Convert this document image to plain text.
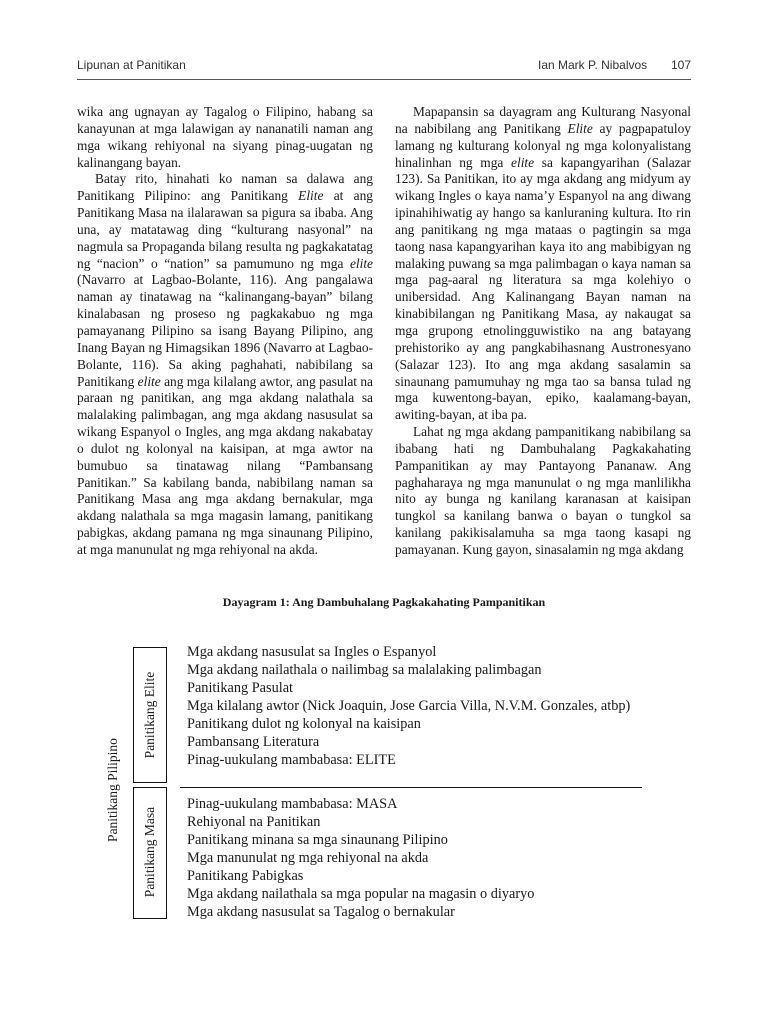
Lipunan at Panitikan	Ian Mark P. Nibalvos 107

wika ang ugnayan ay Tagalog o Filipino, habang sa kanayunan at mga lalawigan ay nananatili naman ang mga wikang rehiyonal na siyang pinag-uugatan ng kalinangang bayan.

Batay rito, hinahati ko naman sa dalawa ang Panitikang Pilipino: ang Panitikang Elite at ang Panitikang Masa na ilalarawan sa pigura sa ibaba. Ang una, ay matatawag ding “kulturang nasyonal” na nagmula sa Propaganda bilang resulta ng pagkakatatag ng “nacion” o “nation” sa pamumuno ng mga elite (Navarro at Lagbao-Bolante, 116). Ang pangalawa naman ay tinatawag na “kalinangang-bayan” bilang kinalabasan ng proseso ng pagkakabuo ng mga pamayanang Pilipino sa isang Bayang Pilipino, ang Inang Bayan ng Himagsikan 1896 (Navarro at Lagbao-Bolante, 116). Sa aking paghahati, nabibilang sa Panitikang elite ang mga kilalang awtor, ang pasulat na paraan ng panitikan, ang mga akdang nalathala sa malalaking palimbagan, ang mga akdang nasusulat sa wikang Espanyol o Ingles, ang mga akdang nakabatay o dulot ng kolonyal na kaisipan, at mga awtor na bumubuo sa tinatawag nilang “Pambansang Panitikan.” Sa kabilang banda, nabibilang naman sa Panitikang Masa ang mga akdang bernakular, mga akdang nalathala sa mga magasin lamang, panitikang pabigkas, akdang pamana ng mga sinaunang Pilipino, at mga manunulat ng mga rehiyonal na akda.

Mapapansin sa dayagram ang Kulturang Nasyonal na nabibilang ang Panitikang Elite ay pagpapatuloy lamang ng kulturang kolonyal ng mga kolonyalistang hinalinhan ng mga elite sa kapangyarihan (Salazar 123). Sa Panitikan, ito ay mga akdang ang midyum ay wikang Ingles o kaya nama’y Espanyol na ang diwang ipinahihiwatig ay hango sa kanluraning kultura. Ito rin ang panitikang ng mga mataas o pagtingin sa mga taong nasa kapangyarihan kaya ito ang mabibigyan ng malaking puwang sa mga palimbagan o kaya naman sa mga pag-aaral ng literatura sa mga kolehiyo o unibersidad. Ang Kalinangang Bayan naman na kinabibilangan ng Panitikang Masa, ay nakaugat sa mga grupong etnolingguwistiko na ang batayang prehistoriko ay ang pangkabihasnang Austronesyano (Salazar 123). Ito ang mga akdang sasalamin sa sinaunang pamumuhay ng mga tao sa bansa tulad ng mga kuwentong-bayan, epiko, kaalamang-bayan, awiting-bayan, at iba pa.

Lahat ng mga akdang pampanitikang nabibilang sa ibabang hati ng Dambuhalang Pagkakahating Pampanitikan ay may Pantayong Pananaw. Ang paghaharaya ng mga manunulat o ng mga manlilikha nito ay bunga ng kanilang karanasan at kaisipan tungkol sa kanilang banwa o bayan o tungkol sa kanilang pakikisalamuha sa mga taong kasapi ng pamayanan. Kung gayon, sinasalamin ng mga akdang

Dayagram 1: Ang Dambuhalang Pagkakahating Pampanitikan
Panitikang Pilipino
Panitikang Elite
Panitikang Masa
Mga akdang nasusulat sa Ingles o Espanyol
Mga akdang nailathala o nailimbag sa malalaking palimbagan
Panitikang Pasulat
Mga kilalang awtor (Nick Joaquin, Jose Garcia Villa, N.V.M. Gonzales, atbp)
Panitikang dulot ng kolonyal na kaisipan
Pambansang Literatura
Pinag-uukulang mambabasa: ELITE
Pinag-uukulang mambabasa: MASA
Rehiyonal na Panitikan
Panitikang minana sa mga sinaunang Pilipino
Mga manunulat ng mga rehiyonal na akda
Panitikang Pabigkas
Mga akdang nailathala sa mga popular na magasin o diyaryo
Mga akdang nasusulat sa Tagalog o bernakular
